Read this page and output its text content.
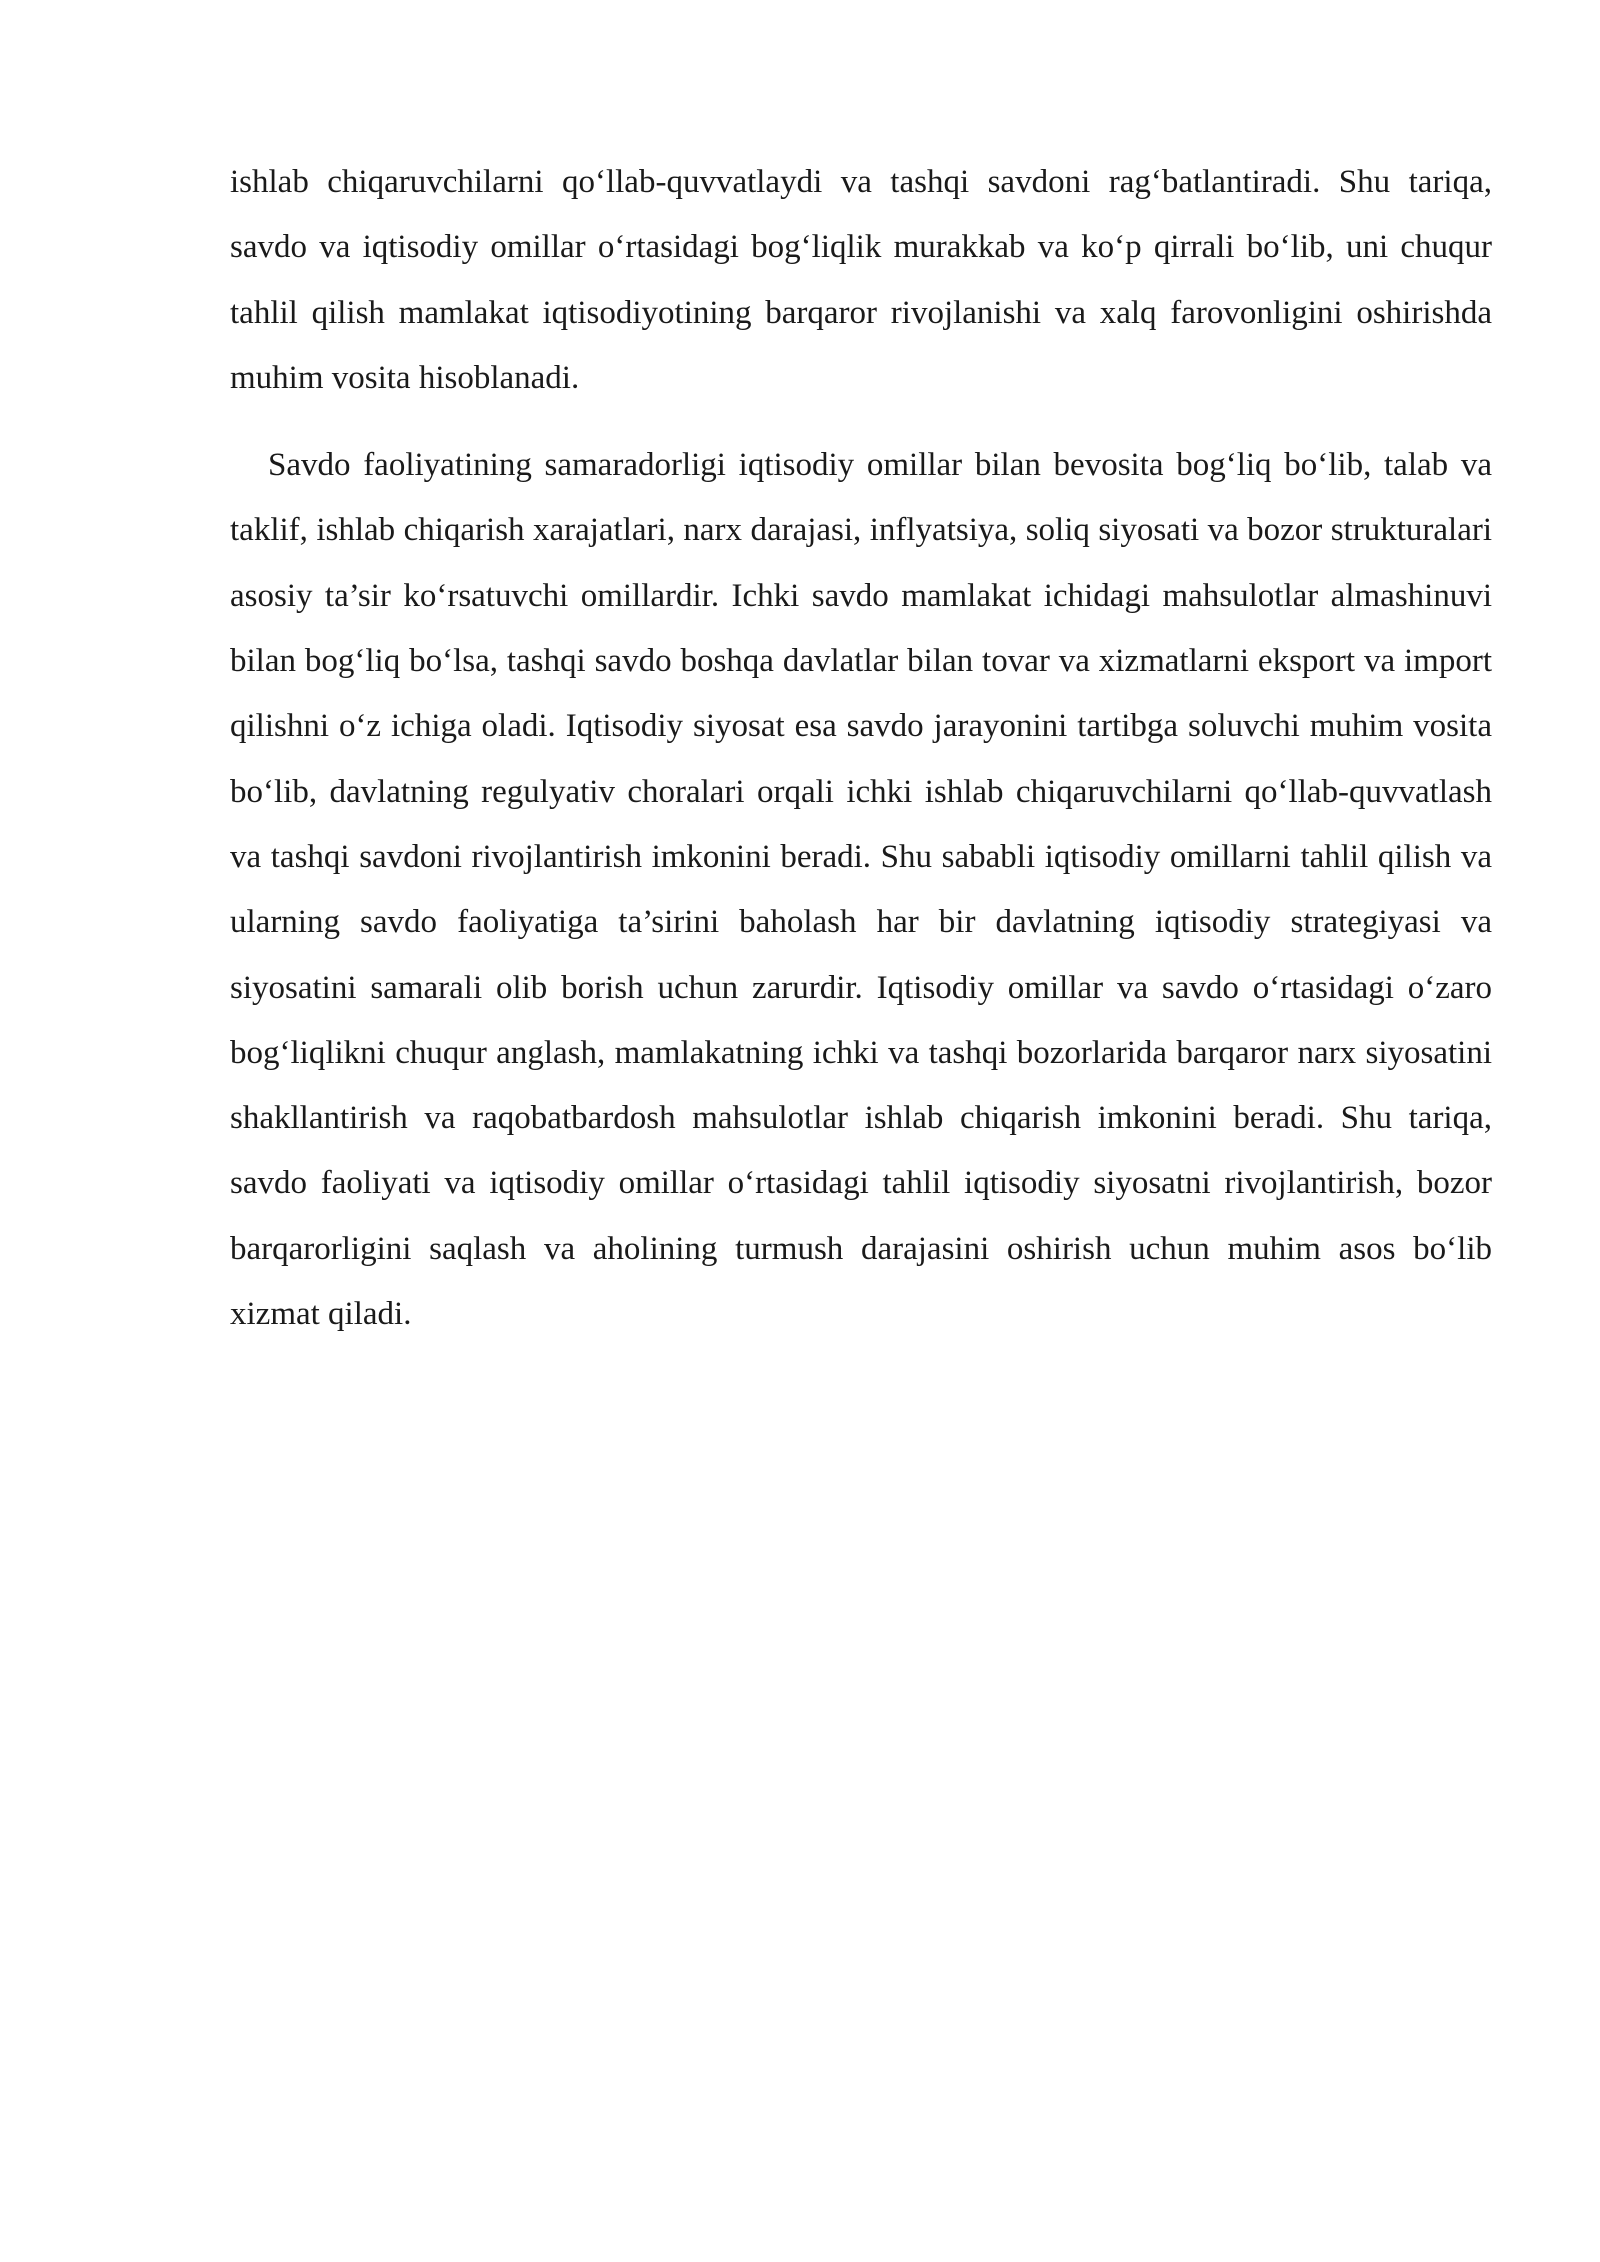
ishlab chiqaruvchilarni qo‘llab-quvvatlaydi va tashqi savdoni rag‘batlantiradi. Shu tariqa, savdo va iqtisodiy omillar o‘rtasidagi bog‘liqlik murakkab va ko‘p qirrali bo‘lib, uni chuqur tahlil qilish mamlakat iqtisodiyotining barqaror rivojlanishi va xalq farovonligini oshirishda muhim vosita hisoblanadi.

Savdo faoliyatining samaradorligi iqtisodiy omillar bilan bevosita bog‘liq bo‘lib, talab va taklif, ishlab chiqarish xarajatlari, narx darajasi, inflyatsiya, soliq siyosati va bozor strukturalari asosiy ta’sir ko‘rsatuvchi omillardir. Ichki savdo mamlakat ichidagi mahsulotlar almashinuvi bilan bog‘liq bo‘lsa, tashqi savdo boshqa davlatlar bilan tovar va xizmatlarni eksport va import qilishni o‘z ichiga oladi. Iqtisodiy siyosat esa savdo jarayonini tartibga soluvchi muhim vosita bo‘lib, davlatning regulyativ choralari orqali ichki ishlab chiqaruvchilarni qo‘llab-quvvatlash va tashqi savdoni rivojlantirish imkonini beradi. Shu sababli iqtisodiy omillarni tahlil qilish va ularning savdo faoliyatiga ta’sirini baholash har bir davlatning iqtisodiy strategiyasi va siyosatini samarali olib borish uchun zarurdir. Iqtisodiy omillar va savdo o‘rtasidagi o‘zaro bog‘liqlikni chuqur anglash, mamlakatning ichki va tashqi bozorlarida barqaror narx siyosatini shakllantirish va raqobatbardosh mahsulotlar ishlab chiqarish imkonini beradi. Shu tariqa, savdo faoliyati va iqtisodiy omillar o‘rtasidagi tahlil iqtisodiy siyosatni rivojlantirish, bozor barqarorligini saqlash va aholining turmush darajasini oshirish uchun muhim asos bo‘lib xizmat qiladi.
